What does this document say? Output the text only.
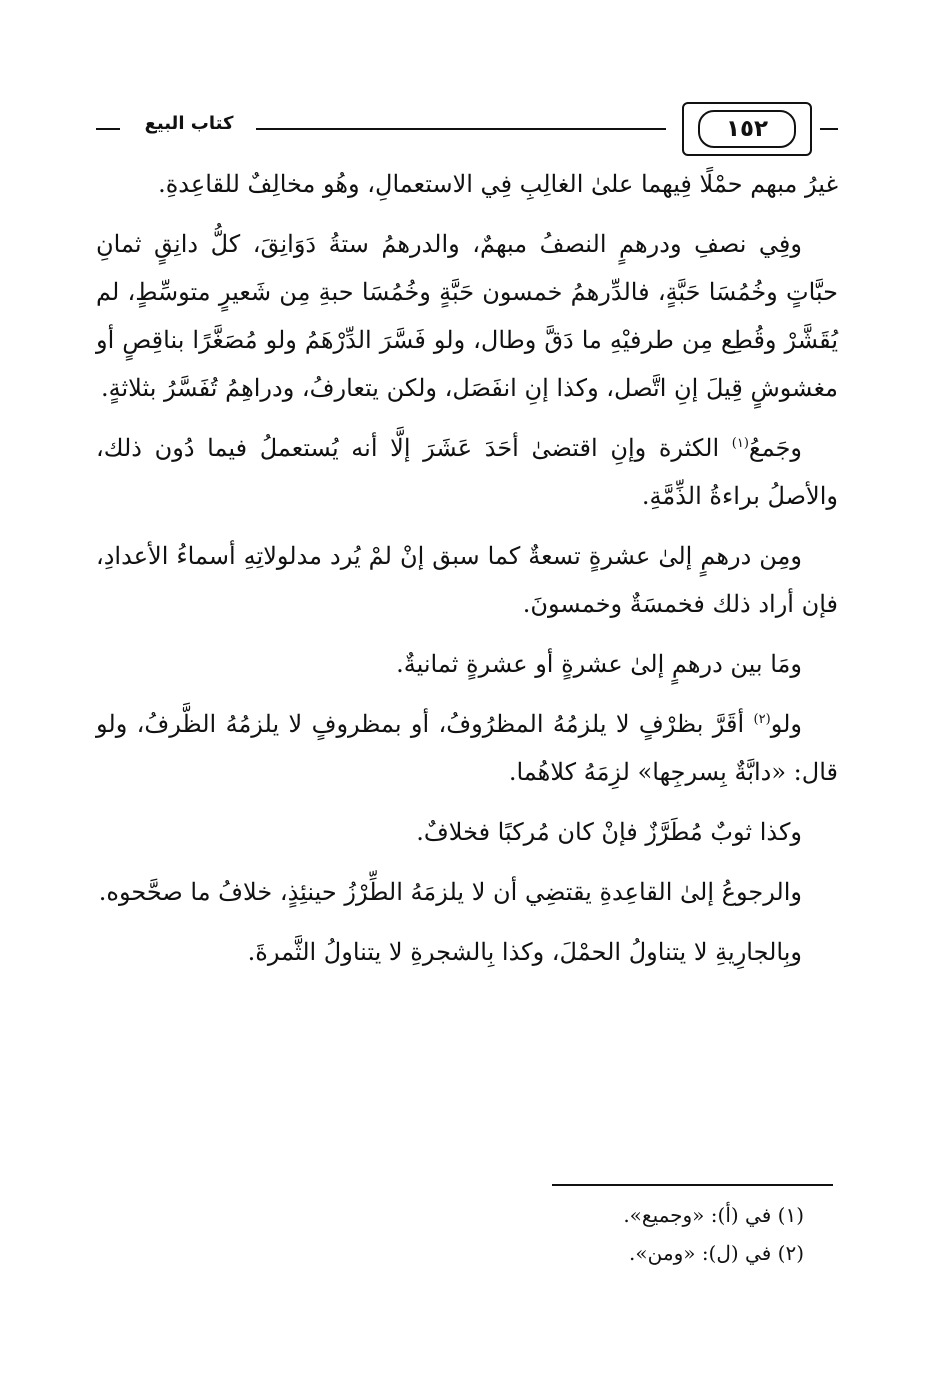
١٥٢
كتاب البيع

غيرُ مبهم حمْلًا فِيهما علىٰ الغالِبِ فِي الاستعمالِ، وهُو مخالِفٌ للقاعِدةِ.

وفِي نصفِ ودرهمٍ النصفُ مبهمٌ، والدرهمُ ستةُ دَوَانِقَ، كلُّ دانِقٍ ثمانِ حبَّاتٍ وخُمُسَا حَبَّةٍ، فالدِّرهمُ خمسون حَبَّةٍ وخُمُسَا حبةِ مِن شَعيرٍ متوسِّطٍ، لم يُقَشَّرْ وقُطِع مِن طرفيْهِ ما دَقَّ وطال، ولو فَسَّرَ الدِّرْهَمُ ولو مُصَغَّرًا بناقِصٍ أو مغشوشٍ قِيلَ إنِ اتَّصل، وكذا إنِ انفَصَل، ولكن يتعارفُ، ودراهِمُ تُفَسَّرُ بثلاثةٍ.

وجَمعُ$^{(١)}$ الكثرة وإنِ اقتضىٰ أحَدَ عَشَرَ إلَّا أنه يُستعملُ فيما دُون ذلك، والأصلُ براءةُ الذِّمَّةِ.

ومِن درهمٍ إلىٰ عشرةٍ تسعةٌ كما سبق إنْ لمْ يُرد مدلولاتِهِ أسماءُ الأعدادِ، فإن أراد ذلك فخمسَةٌ وخمسونَ.

ومَا بين درهمٍ إلىٰ عشرةٍ أو عشرةٍ ثمانيةٌ.

ولو$^{(٢)}$ أقَرَّ بظرْفٍ لا يلزمُهُ المظرُوفُ، أو بمظروفٍ لا يلزمُهُ الظَّرفُ، ولو قال: «دابَّةٌ بِسرجِها» لزِمَهُ كلاهُما.

وكذا ثوبٌ مُطَرَّزٌ فإنْ كان مُركبًا فخلافٌ.

والرجوعُ إلىٰ القاعِدةِ يقتضِي أن لا يلزمَهُ الطِّرْزُ حينئِذٍ، خلافُ ما صحَّحوه.

وبِالجارِيةِ لا يتناولُ الحمْلَ، وكذا بِالشجرةِ لا يتناولُ الثَّمرةَ.

(١) في (أ): «وجميع».
(٢) في (ل): «ومن».
